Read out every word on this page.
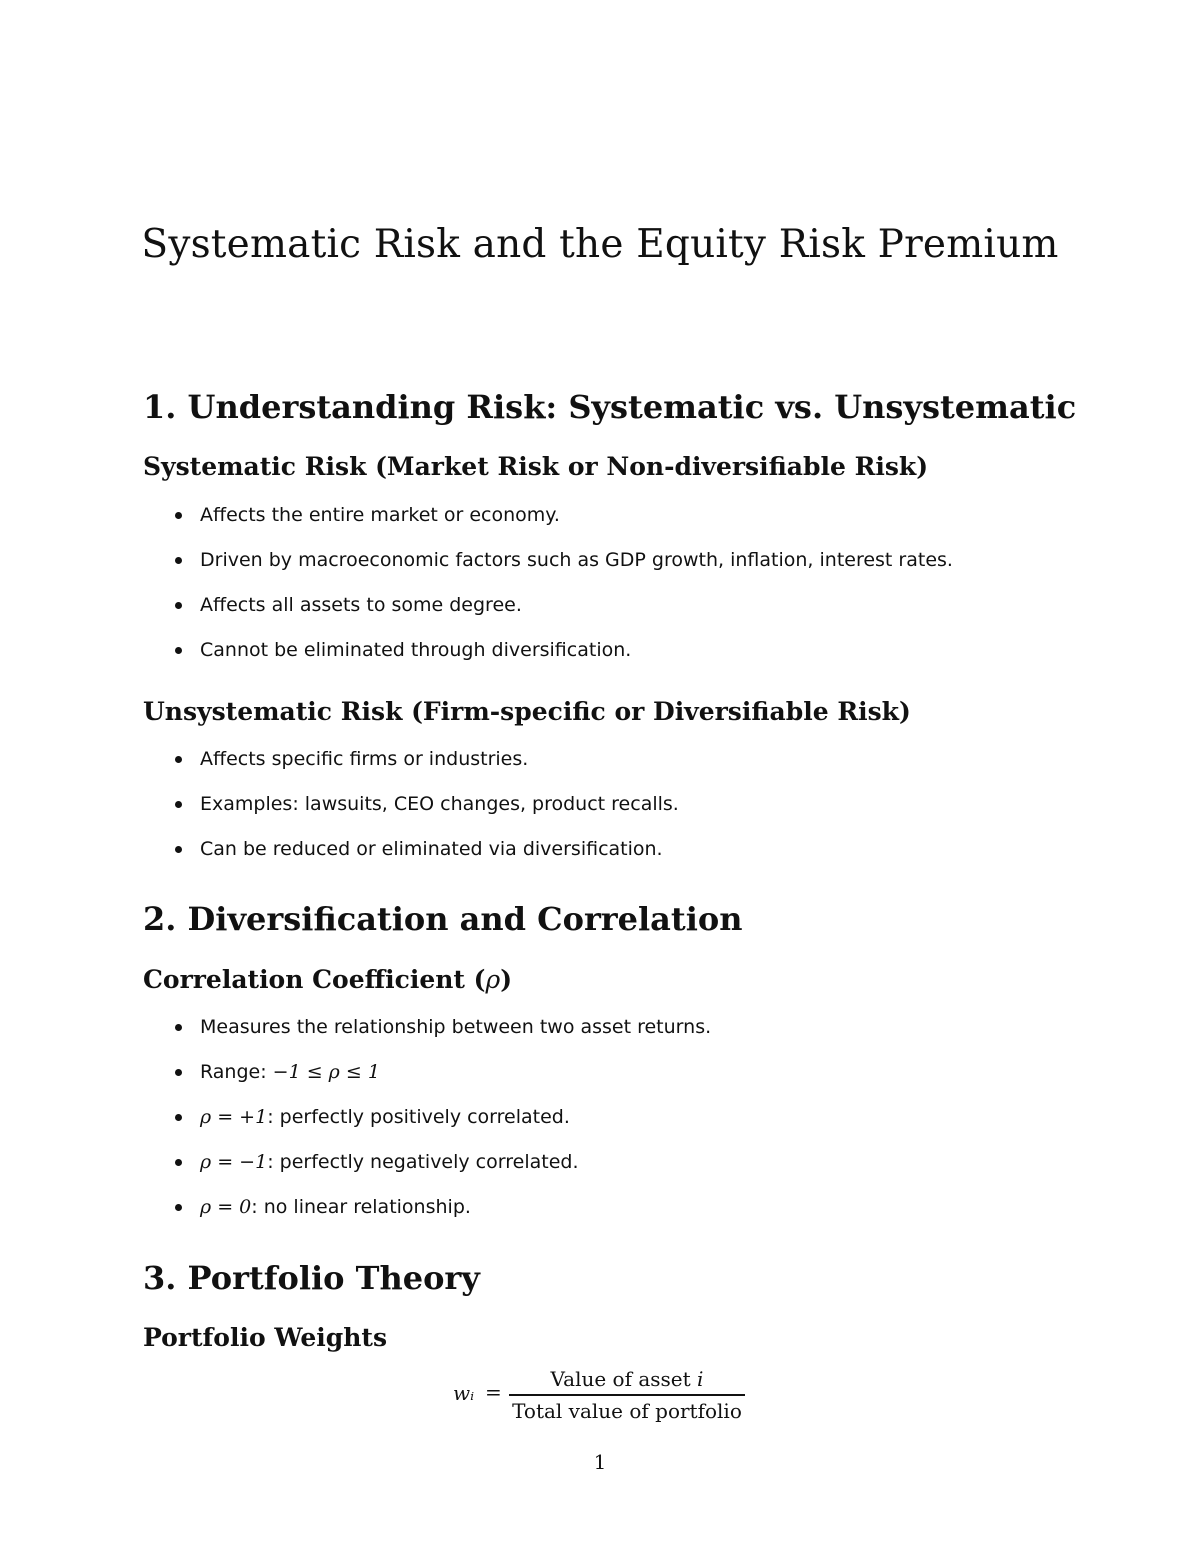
Systematic Risk and the Equity Risk Premium
1. Understanding Risk: Systematic vs. Unsystematic
Systematic Risk (Market Risk or Non-diversifiable Risk)
Affects the entire market or economy.
Driven by macroeconomic factors such as GDP growth, inflation, interest rates.
Affects all assets to some degree.
Cannot be eliminated through diversification.
Unsystematic Risk (Firm-specific or Diversifiable Risk)
Affects specific firms or industries.
Examples: lawsuits, CEO changes, product recalls.
Can be reduced or eliminated via diversification.
2. Diversification and Correlation
Correlation Coefficient (ρ)
Measures the relationship between two asset returns.
Range: −1 ≤ ρ ≤ 1
ρ = +1: perfectly positively correlated.
ρ = −1: perfectly negatively correlated.
ρ = 0: no linear relationship.
3. Portfolio Theory
Portfolio Weights
wᵢ =
Value of asset i
Total value of portfolio
1
